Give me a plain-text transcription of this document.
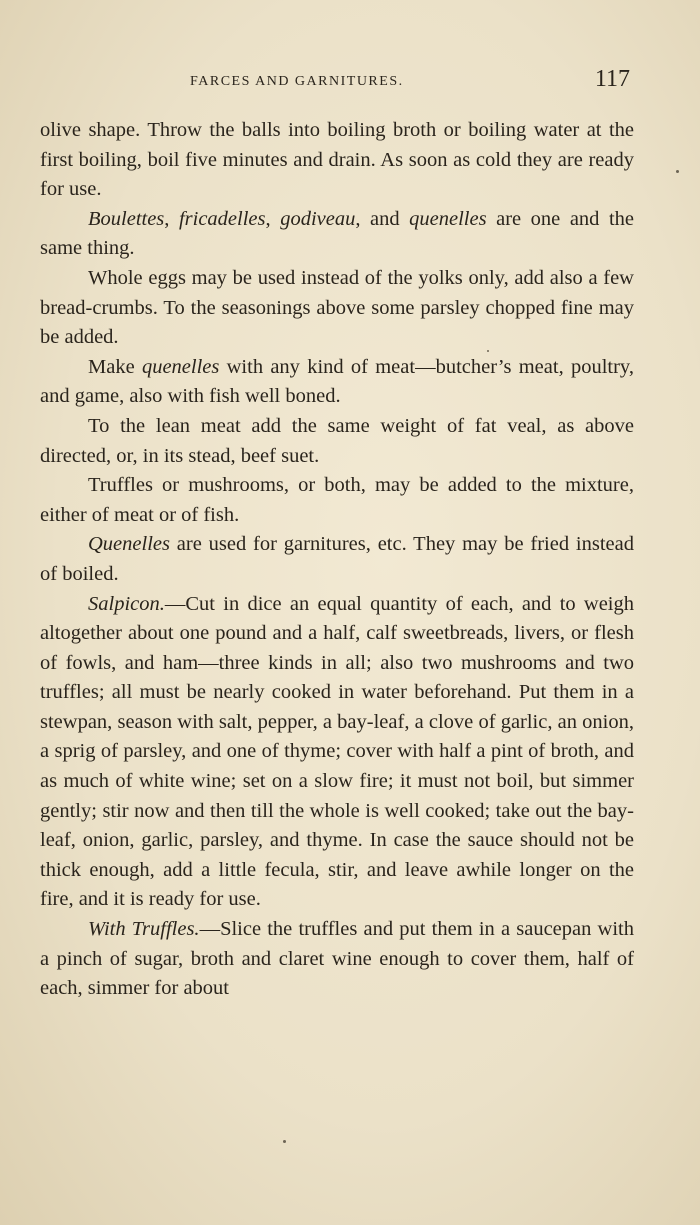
FARCES AND GARNITURES.	117

olive shape. Throw the balls into boiling broth or boiling water at the first boiling, boil five minutes and drain. As soon as cold they are ready for use.

Boulettes, fricadelles, godiveau, and quenelles are one and the same thing.

Whole eggs may be used instead of the yolks only, add also a few bread-crumbs. To the seasonings above some parsley chopped fine may be added.

Make quenelles with any kind of meat—butcher’s meat, poultry, and game, also with fish well boned.

To the lean meat add the same weight of fat veal, as above directed, or, in its stead, beef suet.

Truffles or mushrooms, or both, may be added to the mixture, either of meat or of fish.

Quenelles are used for garnitures, etc. They may be fried instead of boiled.

Salpicon.—Cut in dice an equal quantity of each, and to weigh altogether about one pound and a half, calf sweetbreads, livers, or flesh of fowls, and ham—three kinds in all; also two mushrooms and two truffles; all must be nearly cooked in water beforehand. Put them in a stewpan, season with salt, pepper, a bay-leaf, a clove of garlic, an onion, a sprig of parsley, and one of thyme; cover with half a pint of broth, and as much of white wine; set on a slow fire; it must not boil, but simmer gently; stir now and then till the whole is well cooked; take out the bay-leaf, onion, garlic, parsley, and thyme. In case the sauce should not be thick enough, add a little fecula, stir, and leave awhile longer on the fire, and it is ready for use.

With Truffles.—Slice the truffles and put them in a saucepan with a pinch of sugar, broth and claret wine enough to cover them, half of each, simmer for about
